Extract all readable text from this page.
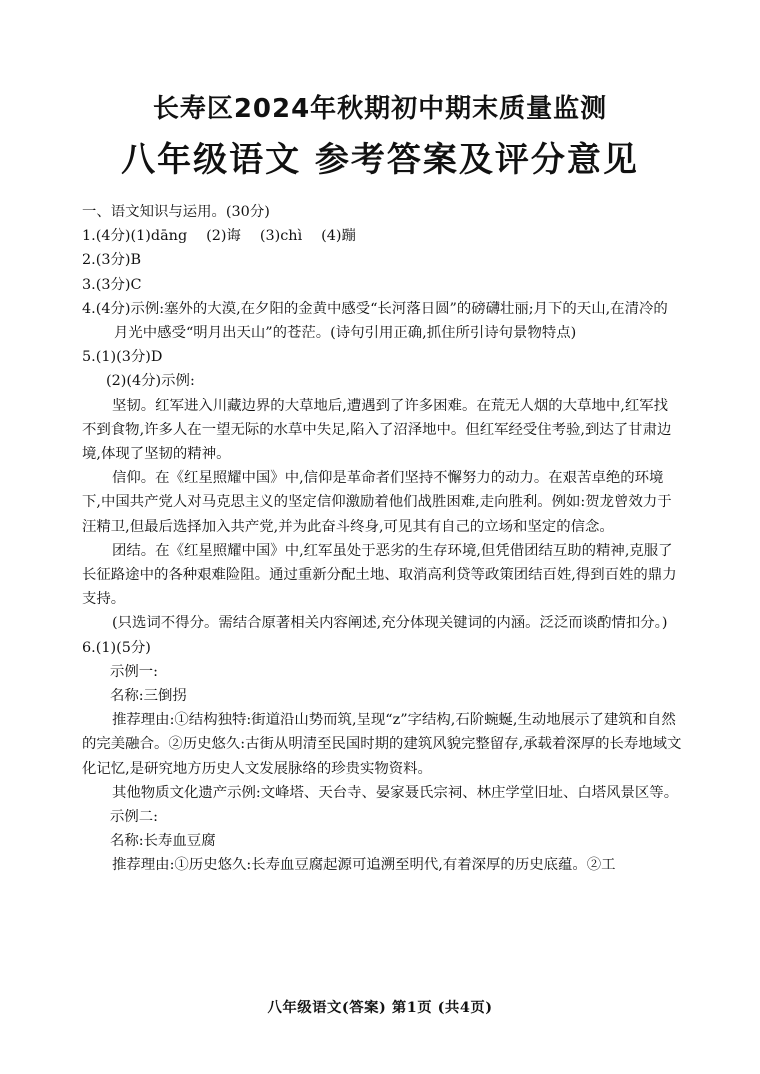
长寿区2024年秋期初中期末质量监测
八年级语文 参考答案及评分意见

一、语文知识与运用。(30分)

1.(4分)(1)dāng　 (2)诲　 (3)chì　 (4)蹦

2.(3分)B

3.(3分)C

4.(4分)示例:塞外的大漠,在夕阳的金黄中感受“长河落日圆”的磅礴壮丽;月下的天山,在清冷的月光中感受“明月出天山”的苍茫。(诗句引用正确,抓住所引诗句景物特点)

5.(1)(3分)D

(2)(4分)示例:

坚韧。红军进入川藏边界的大草地后,遭遇到了许多困难。在荒无人烟的大草地中,红军找不到食物,许多人在一望无际的水草中失足,陷入了沼泽地中。但红军经受住考验,到达了甘肃边境,体现了坚韧的精神。

信仰。在《红星照耀中国》中,信仰是革命者们坚持不懈努力的动力。在艰苦卓绝的环境下,中国共产党人对马克思主义的坚定信仰激励着他们战胜困难,走向胜利。例如:贺龙曾效力于汪精卫,但最后选择加入共产党,并为此奋斗终身,可见其有自己的立场和坚定的信念。

团结。在《红星照耀中国》中,红军虽处于恶劣的生存环境,但凭借团结互助的精神,克服了长征路途中的各种艰难险阻。通过重新分配土地、取消高利贷等政策团结百姓,得到百姓的鼎力支持。

(只选词不得分。需结合原著相关内容阐述,充分体现关键词的内涵。泛泛而谈酌情扣分。)

6.(1)(5分)

示例一:

名称:三倒拐

推荐理由:①结构独特:街道沿山势而筑,呈现“z”字结构,石阶蜿蜒,生动地展示了建筑和自然的完美融合。②历史悠久:古街从明清至民国时期的建筑风貌完整留存,承载着深厚的长寿地域文化记忆,是研究地方历史人文发展脉络的珍贵实物资料。

其他物质文化遗产示例:文峰塔、天台寺、晏家聂氏宗祠、林庄学堂旧址、白塔风景区等。

示例二:

名称:长寿血豆腐

推荐理由:①历史悠久:长寿血豆腐起源可追溯至明代,有着深厚的历史底蕴。②工

八年级语文(答案) 第1页 (共4页)
